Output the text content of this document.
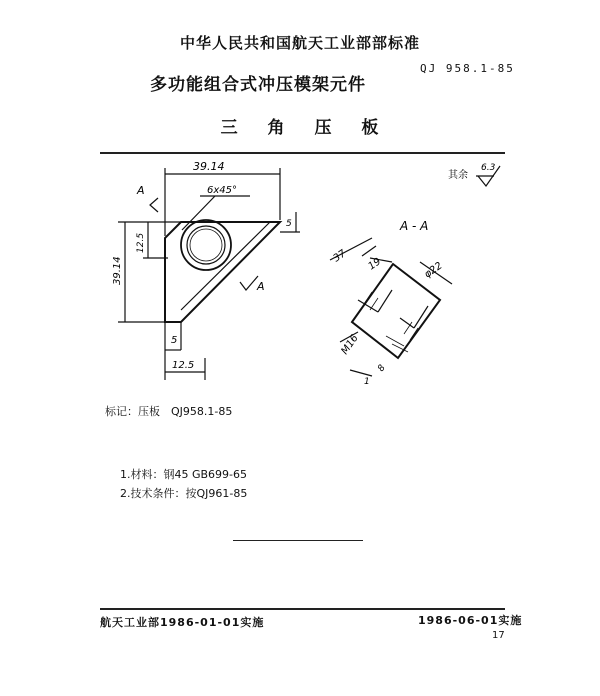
中华人民共和国航天工业部部标准
多功能组合式冲压模架元件
QJ 958.1-85
三 角 压 板
39.14
6x45°
A
39.14
12.5
5
5
12.5
A
其余
6.3
A - A
37 19	φ22
M16
8
1
标记：压板　QJ958.1-85
1.材料：钢45 GB699-65
2.技术条件：按QJ961-85
航天工业部1986-01-01实施	1986-06-01实施
17
